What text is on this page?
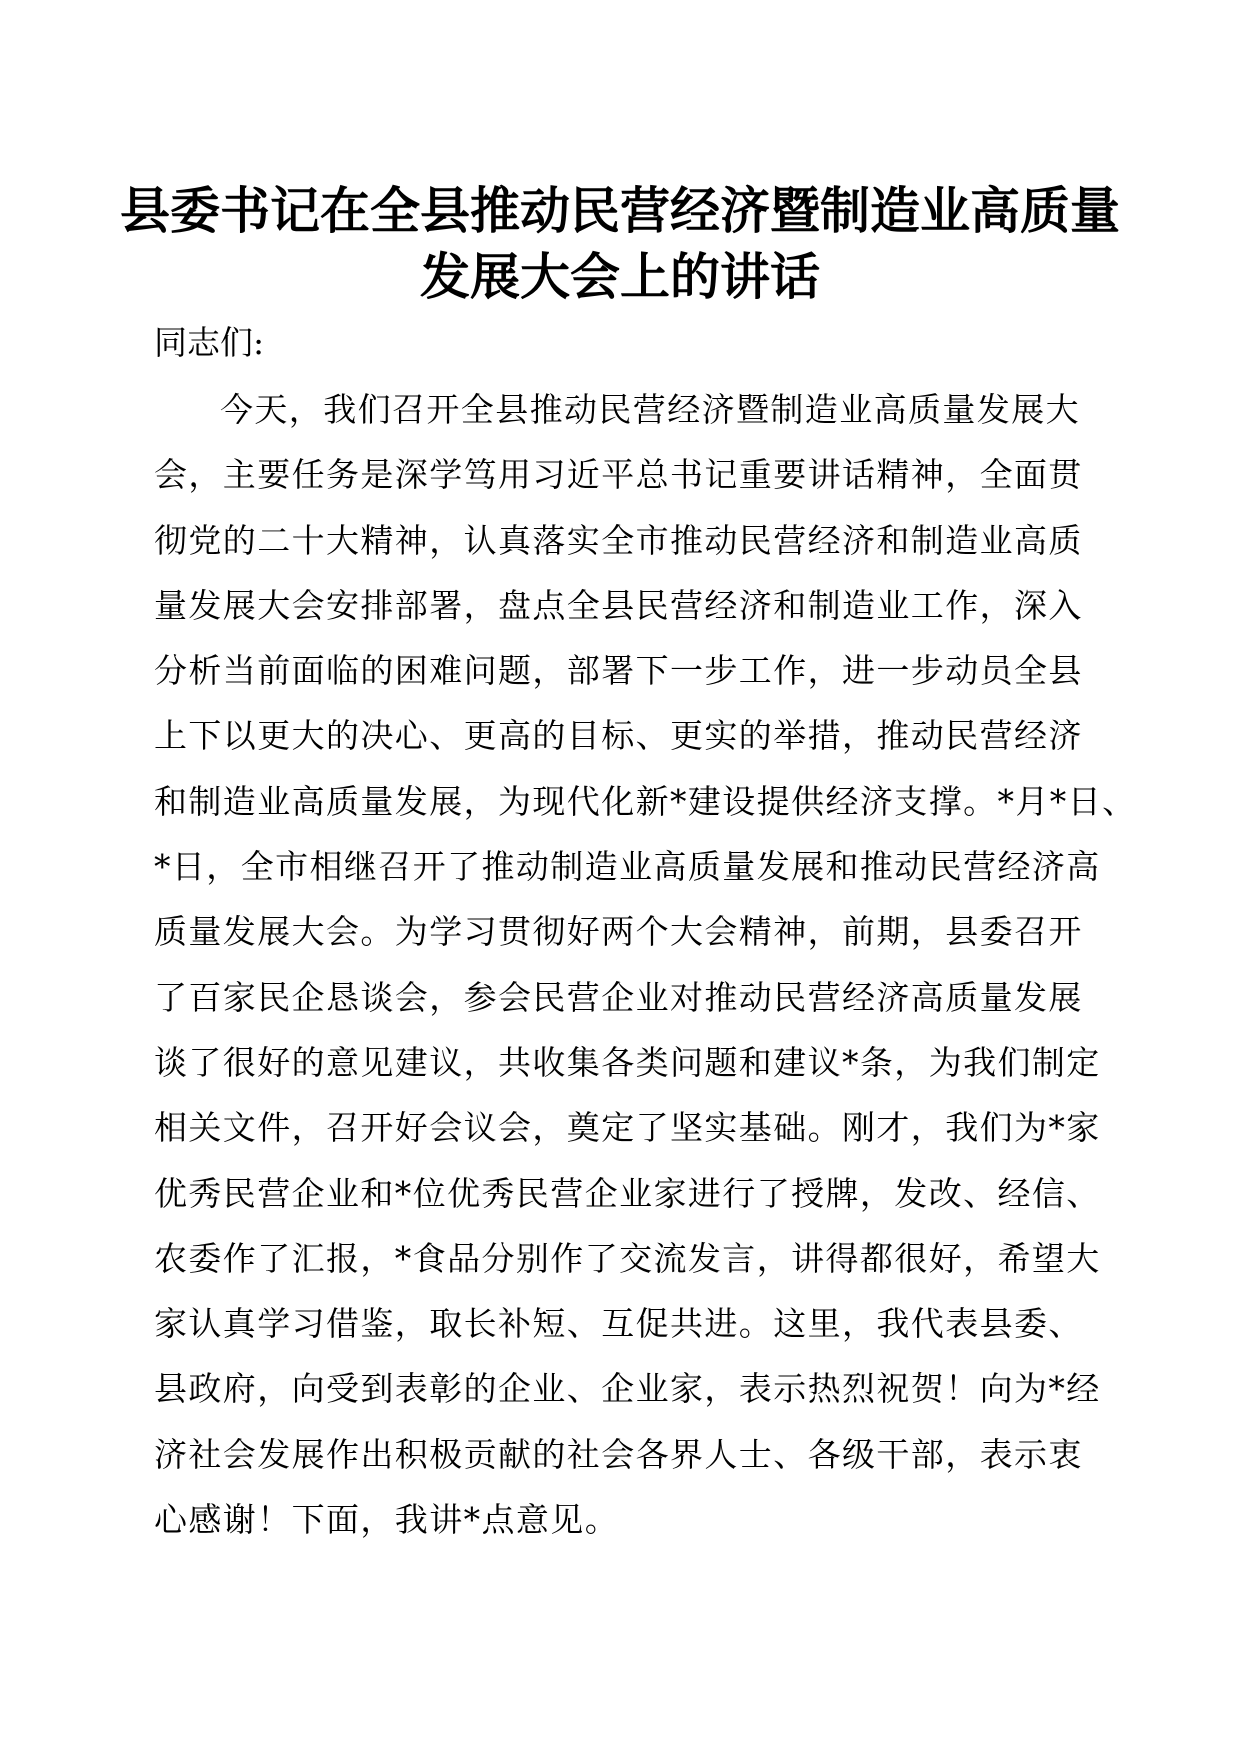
县委书记在全县推动民营经济暨制造业高质量
发展大会上的讲话

同志们:

今天，我们召开全县推动民营经济暨制造业高质量发展大
会，主要任务是深学笃用习近平总书记重要讲话精神，全面贯
彻党的二十大精神，认真落实全市推动民营经济和制造业高质
量发展大会安排部署，盘点全县民营经济和制造业工作，深入
分析当前面临的困难问题，部署下一步工作，进一步动员全县
上下以更大的决心、更高的目标、更实的举措，推动民营经济
和制造业高质量发展，为现代化新*建设提供经济支撑。*月*日、
*日，全市相继召开了推动制造业高质量发展和推动民营经济高
质量发展大会。为学习贯彻好两个大会精神，前期，县委召开
了百家民企恳谈会，参会民营企业对推动民营经济高质量发展
谈了很好的意见建议，共收集各类问题和建议*条，为我们制定
相关文件，召开好会议会，奠定了坚实基础。刚才，我们为*家
优秀民营企业和*位优秀民营企业家进行了授牌，发改、经信、
农委作了汇报，*食品分别作了交流发言，讲得都很好，希望大
家认真学习借鉴，取长补短、互促共进。这里，我代表县委、
县政府，向受到表彰的企业、企业家，表示热烈祝贺！向为*经
济社会发展作出积极贡献的社会各界人士、各级干部，表示衷
心感谢！下面，我讲*点意见。
